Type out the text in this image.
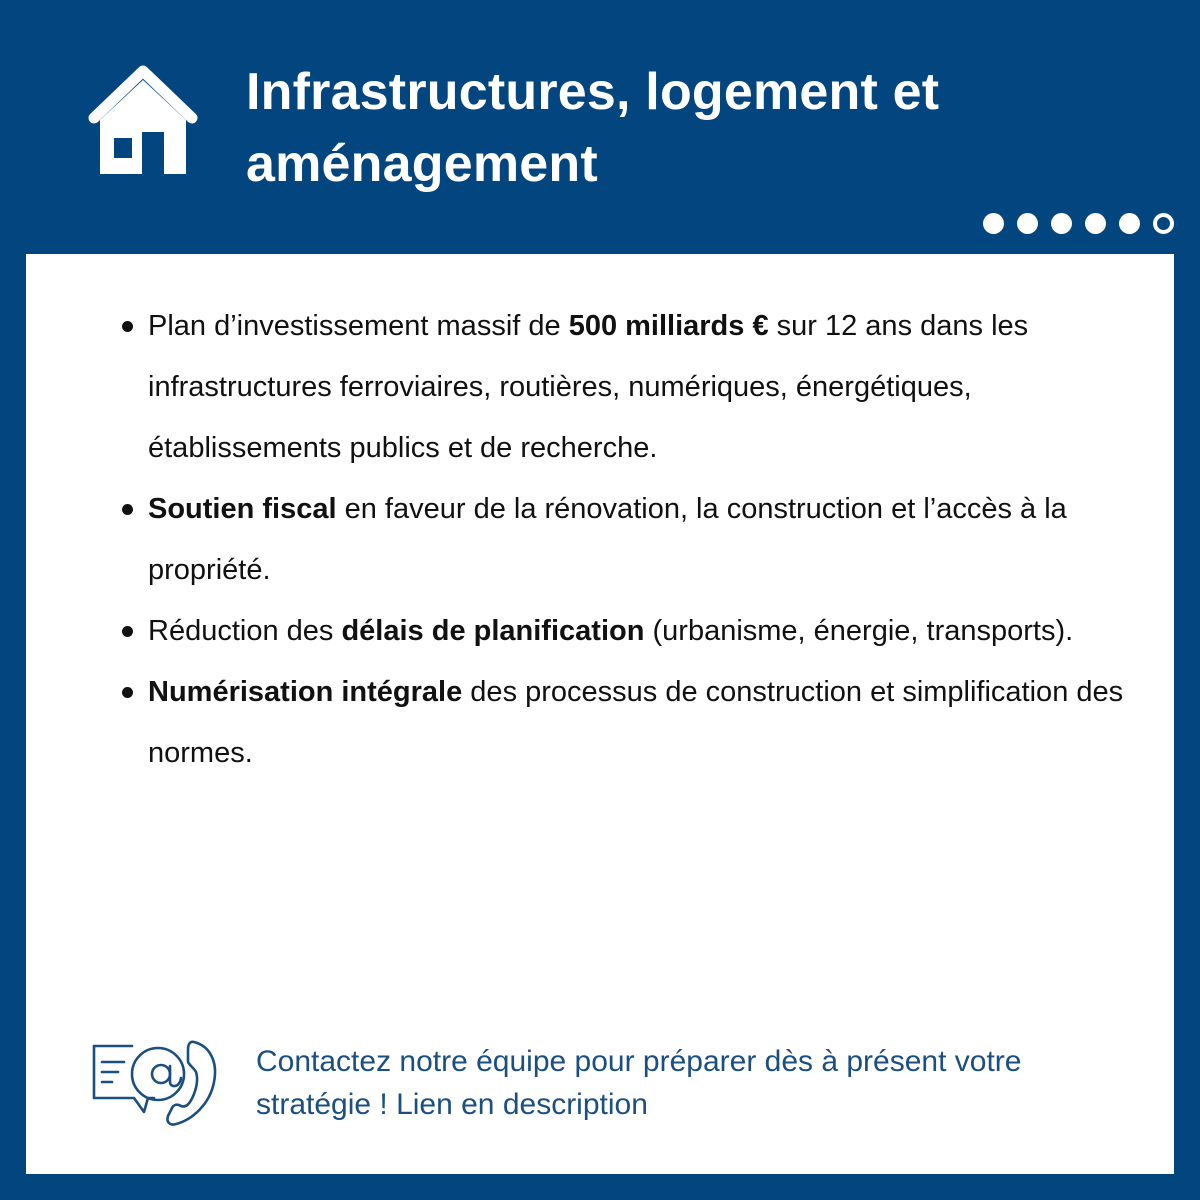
Infrastructures, logement et aménagement
Plan d’investissement massif de 500 milliards € sur 12 ans dans les infrastructures ferroviaires, routières, numériques, énergétiques, établissements publics et de recherche.
Soutien fiscal en faveur de la rénovation, la construction et l’accès à la propriété.
Réduction des délais de planification (urbanisme, énergie, transports).
Numérisation intégrale des processus de construction et simplification des normes.

Contactez notre équipe pour préparer dès à présent votre stratégie ! Lien en description
